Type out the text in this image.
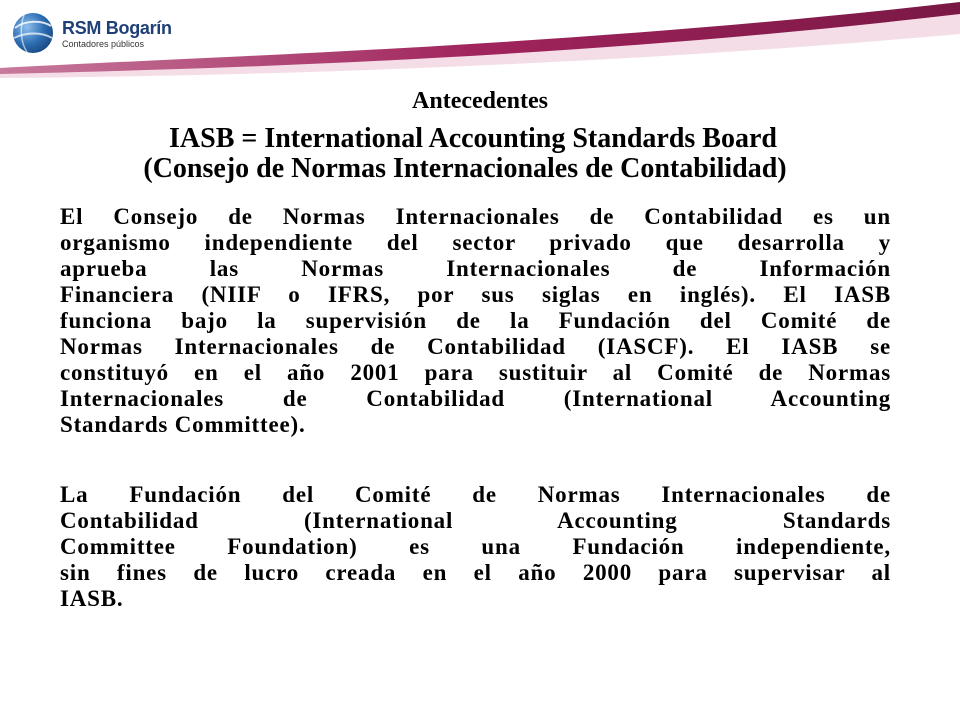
RSM Bogarín
Contadores públicos
Antecedentes
IASB = International Accounting Standards Board
(Consejo de Normas Internacionales de Contabilidad)
El Consejo de Normas Internacionales de Contabilidad es un
organismo independiente del sector privado que desarrolla y
aprueba las Normas Internacionales de Información
Financiera (NIIF o IFRS, por sus siglas en inglés). El IASB
funciona bajo la supervisión de la Fundación del Comité de
Normas Internacionales de Contabilidad (IASCF). El IASB se
constituyó en el año 2001 para sustituir al Comité de Normas
Internacionales de Contabilidad (International Accounting
Standards Committee).
La Fundación del Comité de Normas Internacionales de
Contabilidad (International Accounting Standards
Committee Foundation) es una Fundación independiente,
sin fines de lucro creada en el año 2000 para supervisar al
IASB.
